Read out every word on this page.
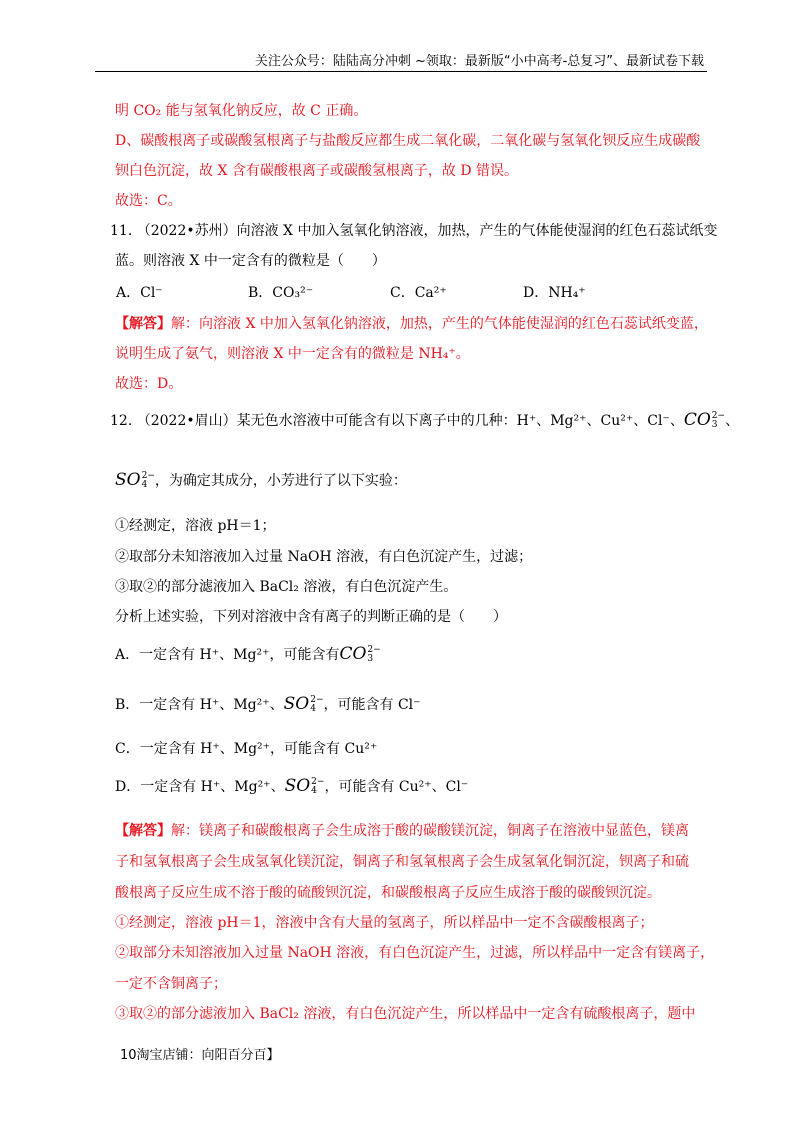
关注公众号：陆陆高分冲刺 ~领取：最新版“小中高考-总复习”、最新试卷下载
明 CO₂ 能与氢氧化钠反应，故 C 正确。
D、碳酸根离子或碳酸氢根离子与盐酸反应都生成二氧化碳，二氧化碳与氢氧化钡反应生成碳酸
钡白色沉淀，故 X 含有碳酸根离子或碳酸氢根离子，故 D 错误。
故选：C。
11. （2022•苏州）向溶液 X 中加入氢氧化钠溶液，加热，产生的气体能使湿润的红色石蕊试纸变
蓝。则溶液 X 中一定含有的微粒是（　　）
A．Cl⁻	B．CO₃²⁻	C．Ca²⁺	D．NH₄⁺
【解答】解：向溶液 X 中加入氢氧化钠溶液，加热，产生的气体能使湿润的红色石蕊试纸变蓝，
说明生成了氨气，则溶液 X 中一定含有的微粒是 NH₄⁺。
故选：D。
12. （2022•眉山）某无色水溶液中可能含有以下离子中的几种：H⁺、Mg²⁺、Cu²⁺、Cl⁻、CO 2−
3 、
SO 2−
4 ，为确定其成分，小芳进行了以下实验：
①经测定，溶液 pH＝1；
②取部分未知溶液加入过量 NaOH 溶液，有白色沉淀产生，过滤；
③取②的部分滤液加入 BaCl₂ 溶液，有白色沉淀产生。
分析上述实验，下列对溶液中含有离子的判断正确的是（　　）
A．一定含有 H⁺、Mg²⁺，可能含有CO 2−
3
B．一定含有 H⁺、Mg²⁺、SO 2−
4 ，可能含有 Cl⁻
C．一定含有 H⁺、Mg²⁺，可能含有 Cu²⁺
D．一定含有 H⁺、Mg²⁺、SO 2−
4 ，可能含有 Cu²⁺、Cl⁻
【解答】解：镁离子和碳酸根离子会生成溶于酸的碳酸镁沉淀，铜离子在溶液中显蓝色，镁离
子和氢氧根离子会生成氢氧化镁沉淀，铜离子和氢氧根离子会生成氢氧化铜沉淀，钡离子和硫
酸根离子反应生成不溶于酸的硫酸钡沉淀，和碳酸根离子反应生成溶于酸的碳酸钡沉淀。
①经测定，溶液 pH＝1，溶液中含有大量的氢离子，所以样品中一定不含碳酸根离子；
②取部分未知溶液加入过量 NaOH 溶液，有白色沉淀产生，过滤，所以样品中一定含有镁离子，
一定不含铜离子；
③取②的部分滤液加入 BaCl₂ 溶液，有白色沉淀产生，所以样品中一定含有硫酸根离子，题中
10淘宝店铺：向阳百分百】
